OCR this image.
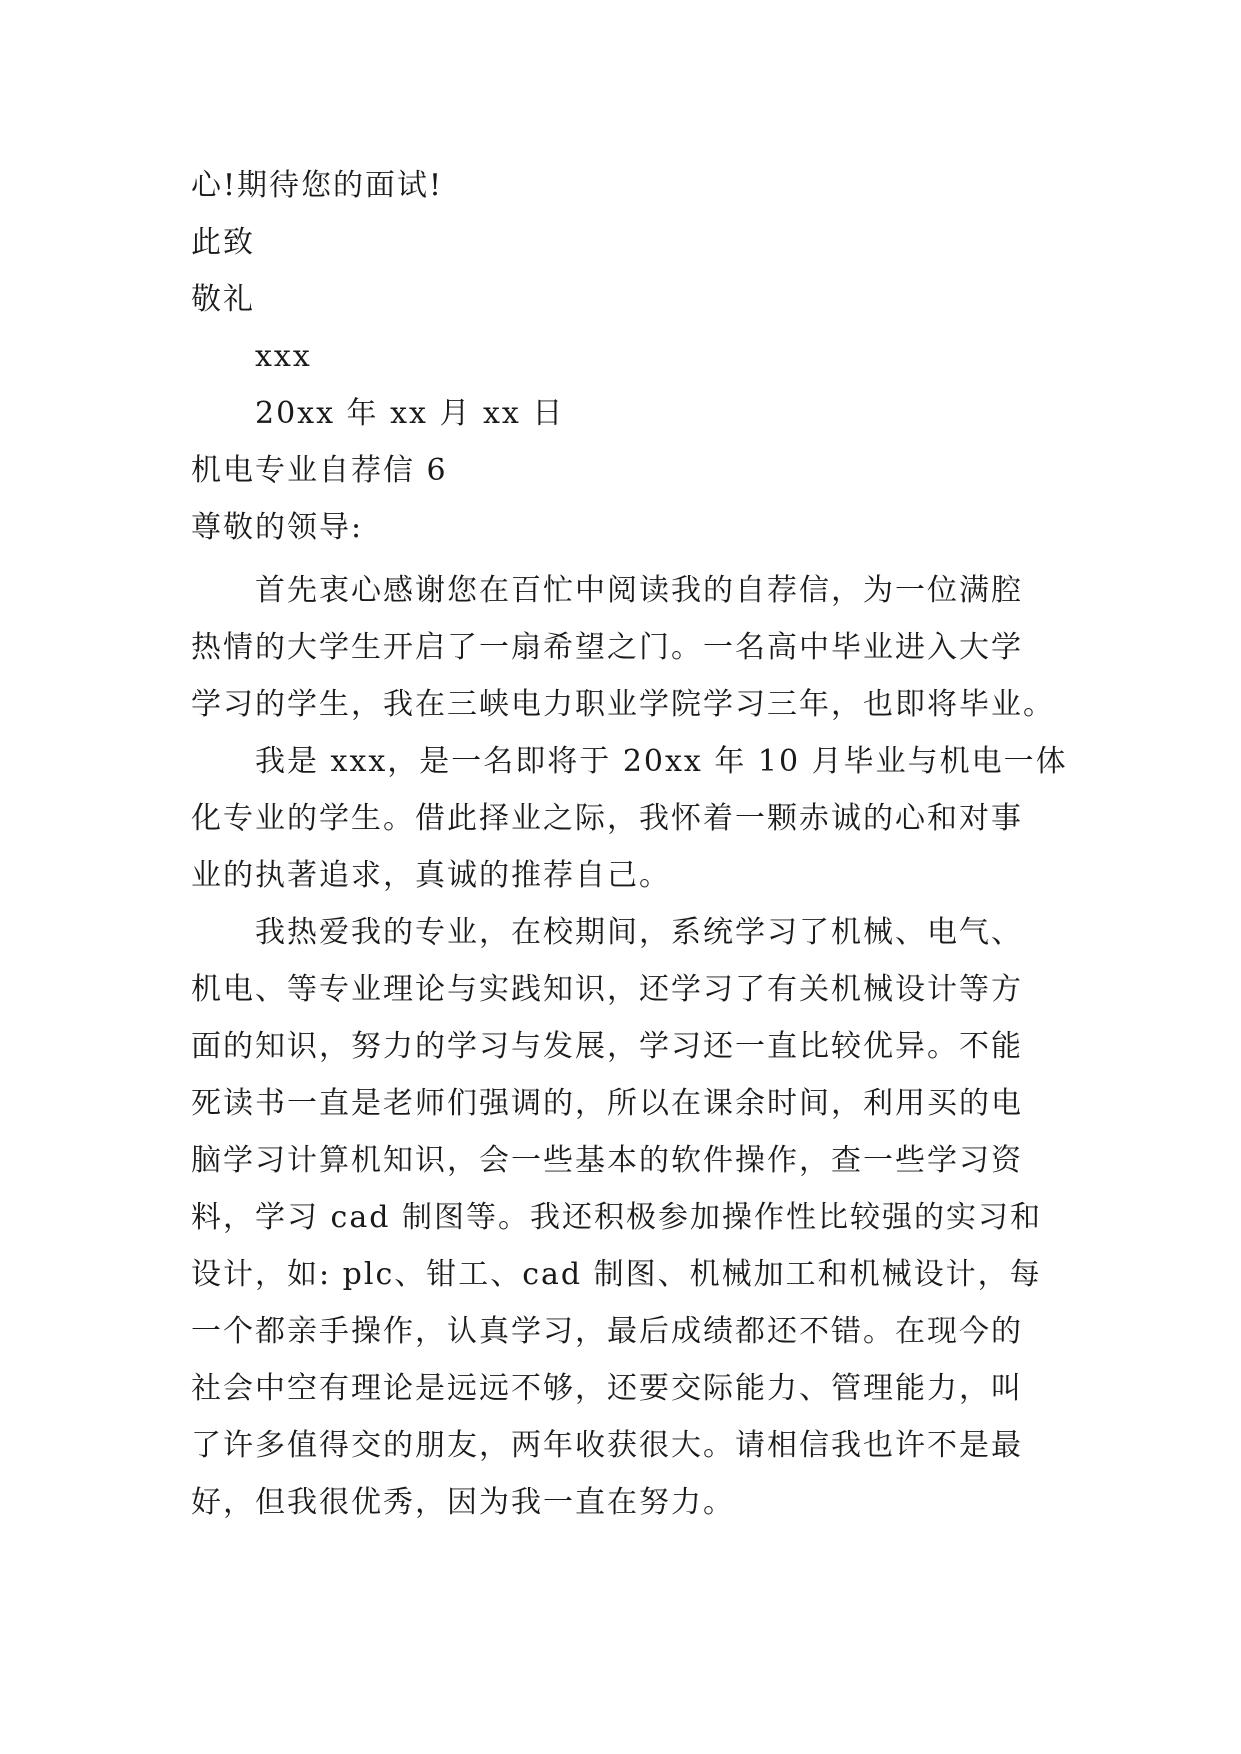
心!期待您的面试!
此致
敬礼
xxx
20xx 年 xx 月 xx 日
机电专业自荐信 6
尊敬的领导:
首先衷心感谢您在百忙中阅读我的自荐信，为一位满腔
热情的大学生开启了一扇希望之门。一名高中毕业进入大学
学习的学生，我在三峡电力职业学院学习三年，也即将毕业。
我是 xxx，是一名即将于 20xx 年 10 月毕业与机电一体
化专业的学生。借此择业之际，我怀着一颗赤诚的心和对事
业的执著追求，真诚的推荐自己。
我热爱我的专业，在校期间，系统学习了机械、电气、
机电、等专业理论与实践知识，还学习了有关机械设计等方
面的知识，努力的学习与发展，学习还一直比较优异。不能
死读书一直是老师们强调的，所以在课余时间，利用买的电
脑学习计算机知识，会一些基本的软件操作，查一些学习资
料，学习 cad 制图等。我还积极参加操作性比较强的实习和
设计，如: plc、钳工、cad 制图、机械加工和机械设计，每
一个都亲手操作，认真学习，最后成绩都还不错。在现今的
社会中空有理论是远远不够，还要交际能力、管理能力，叫
了许多值得交的朋友，两年收获很大。请相信我也许不是最
好，但我很优秀，因为我一直在努力。
